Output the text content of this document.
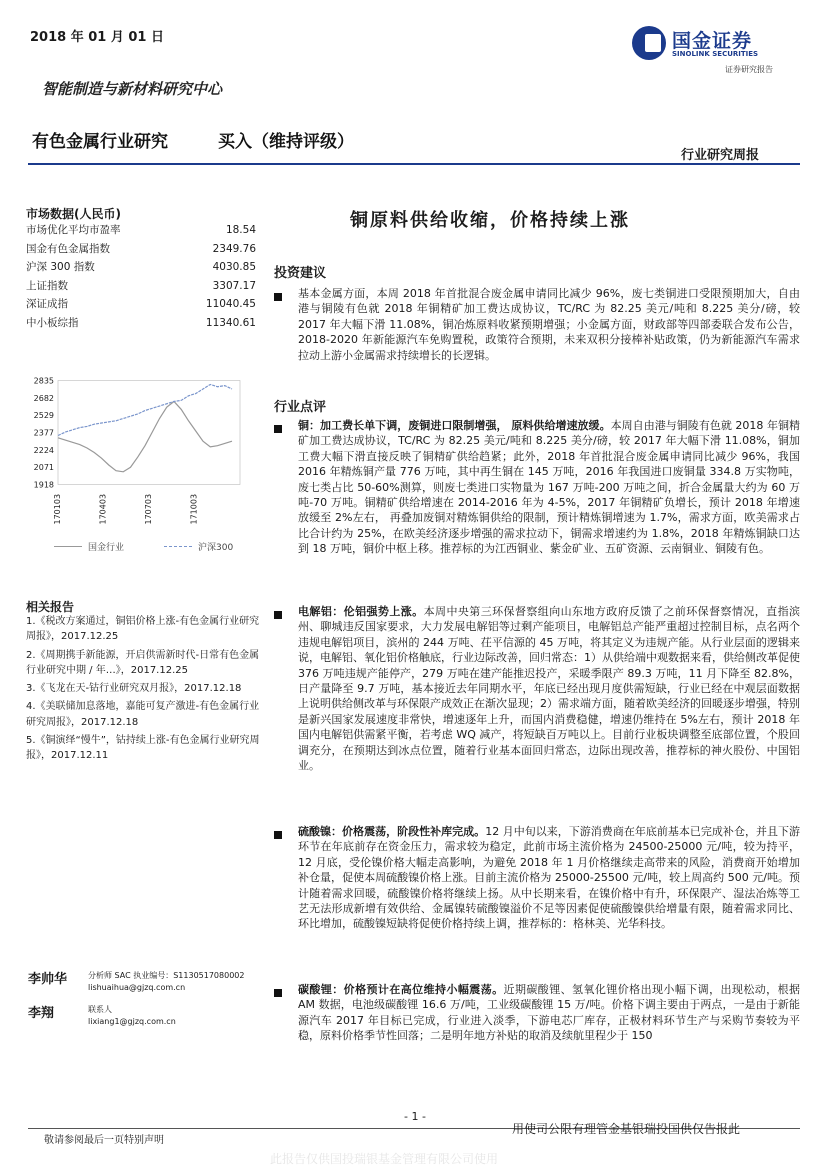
2018 年 01 月 01 日	国金证券
SINOLINK SECURITIES
证券研究报告
智能制造与新材料研究中心
有色金属行业研究	买入（维持评级）
行业研究周报
市场数据(人民币)
市场优化平均市盈率	18.54
国金有色金属指数	2349.76
沪深 300 指数	4030.85
上证指数	3307.17
深证成指	11040.45
中小板综指	11340.61
2835
2682
2529
2377
2224
2071
1918
170103	170403	170703	171003
国金行业	沪深300
相关报告
1.《税改方案通过，铜铝价格上涨-有色金属行业研究周报》，2017.12.25
2.《周期携手新能源，开启供需新时代-日常有色金属行业研究中期 / 年…》，2017.12.25
3.《飞龙在天-钴行业研究双月报》，2017.12.18
4.《美联储加息落地，嘉能可复产激进-有色金属行业研究周报》，2017.12.18
5.《铜演绎“慢牛”，钴持续上涨-有色金属行业研究周报》，2017.12.11
李帅华	分析师 SAC 执业编号：S1130517080002
lishuaihua@gjzq.com.cn
李翔	联系人
lixiang1@gjzq.com.cn
铜原料供给收缩，价格持续上涨
投资建议
基本金属方面，本周 2018 年首批混合废金属申请同比减少 96%，废七类铜进口受限预期加大，自由港与铜陵有色就 2018 年铜精矿加工费达成协议，TC/RC 为 82.25 美元/吨和 8.225 美分/磅，较 2017 年大幅下滑 11.08%，铜冶炼原料收紧预期增强；小金属方面，财政部等四部委联合发布公告，2018-2020 年新能源汽车免购置税，政策符合预期，未来双积分接棒补贴政策，仍为新能源汽车需求拉动上游小金属需求持续增长的长逻辑。
行业点评
铜：加工费长单下调，废铜进口限制增强， 原料供给增速放缓。本周自由港与铜陵有色就 2018 年铜精矿加工费达成协议，TC/RC 为 82.25 美元/吨和 8.225 美分/磅，较 2017 年大幅下滑 11.08%，铜加工费大幅下滑直接反映了铜精矿供给趋紧；此外，2018 年首批混合废金属申请同比减少 96%，我国 2016 年精炼铜产量 776 万吨，其中再生铜在 145 万吨，2016 年我国进口废铜量 334.8 万实物吨，废七类占比 50-60%测算，则废七类进口实物量为 167 万吨-200 万吨之间，折合金属量大约为 60 万吨-70 万吨。铜精矿供给增速在 2014-2016 年为 4-5%，2017 年铜精矿负增长，预计 2018 年增速放缓至 2%左右， 再叠加废铜对精炼铜供给的限制，预计精炼铜增速为 1.7%，需求方面，欧美需求占比合计约为 25%，在欧美经济逐步增强的需求拉动下，铜需求增速约为 1.8%，2018 年精炼铜缺口达到 18 万吨，铜价中枢上移。推荐标的为江西铜业、紫金矿业、五矿资源、云南铜业、铜陵有色。
电解铝：伦铝强势上涨。本周中央第三环保督察组向山东地方政府反馈了之前环保督察情况，直指滨州、聊城违反国家要求，大力发展电解铝等过剩产能项目，电解铝总产能严重超过控制目标，点名两个违规电解铝项目，滨州的 244 万吨、茌平信源的 45 万吨，将其定义为违规产能。从行业层面的逻辑来说，电解铝、氧化铝价格触底，行业边际改善，回归常态：1）从供给端中观数据来看，供给侧改革促使 376 万吨违规产能停产，279 万吨在建产能推迟投产，采暖季限产 89.3 万吨，11 月下降至 82.8%，日产量降至 9.7 万吨，基本接近去年同期水平，年底已经出现月度供需短缺，行业已经在中观层面数据上说明供给侧改革与环保限产成效正在渐次显现；2）需求端方面，随着欧美经济的回暖逐步增强，特别是新兴国家发展速度非常快，增速逐年上升，而国内消费稳健，增速仍维持在 5%左右，预计 2018 年国内电解铝供需紧平衡，若考虑 WQ 减产，将短缺百万吨以上。目前行业板块调整至底部位置，个股回调充分，在预期达到冰点位置，随着行业基本面回归常态，边际出现改善，推荐标的神火股份、中国铝业。
硫酸镍：价格震荡，阶段性补库完成。12 月中旬以来，下游消费商在年底前基本已完成补仓，并且下游环节在年底前存在资金压力，需求较为稳定，此前市场主流价格为 24500-25000 元/吨，较为持平，12 月底，受伦镍价格大幅走高影响，为避免 2018 年 1 月价格继续走高带来的风险，消费商开始增加补仓量，促使本周硫酸镍价格上涨。目前主流价格为 25000-25500 元/吨，较上周高约 500 元/吨。预计随着需求回暖，硫酸镍价格将继续上扬。从中长期来看，在镍价格中有升，环保限产、湿法冶炼等工艺无法形成新增有效供给、金属镍转硫酸镍溢价不足等因素促使硫酸镍供给增量有限，随着需求同比、环比增加，硫酸镍短缺将促使价格持续上调，推荐标的：格林美、光华科技。
碳酸锂：价格预计在高位维持小幅震荡。近期碳酸锂、氢氧化锂价格出现小幅下调，出现松动，根据 AM 数据，电池级碳酸锂 16.6 万/吨，工业级碳酸锂 15 万/吨。价格下调主要由于两点，一是由于新能源汽车 2017 年目标已完成，行业进入淡季，下游电芯厂库存，正极材料环节生产与采购节奏较为平稳，原料价格季节性回落；二是明年地方补贴的取消及续航里程少于 150
- 1 -
敬请参阅最后一页特别声明
用使司公限有理管金基银瑞投国供仅告报此
此报告仅供国投瑞银基金管理有限公司使用
